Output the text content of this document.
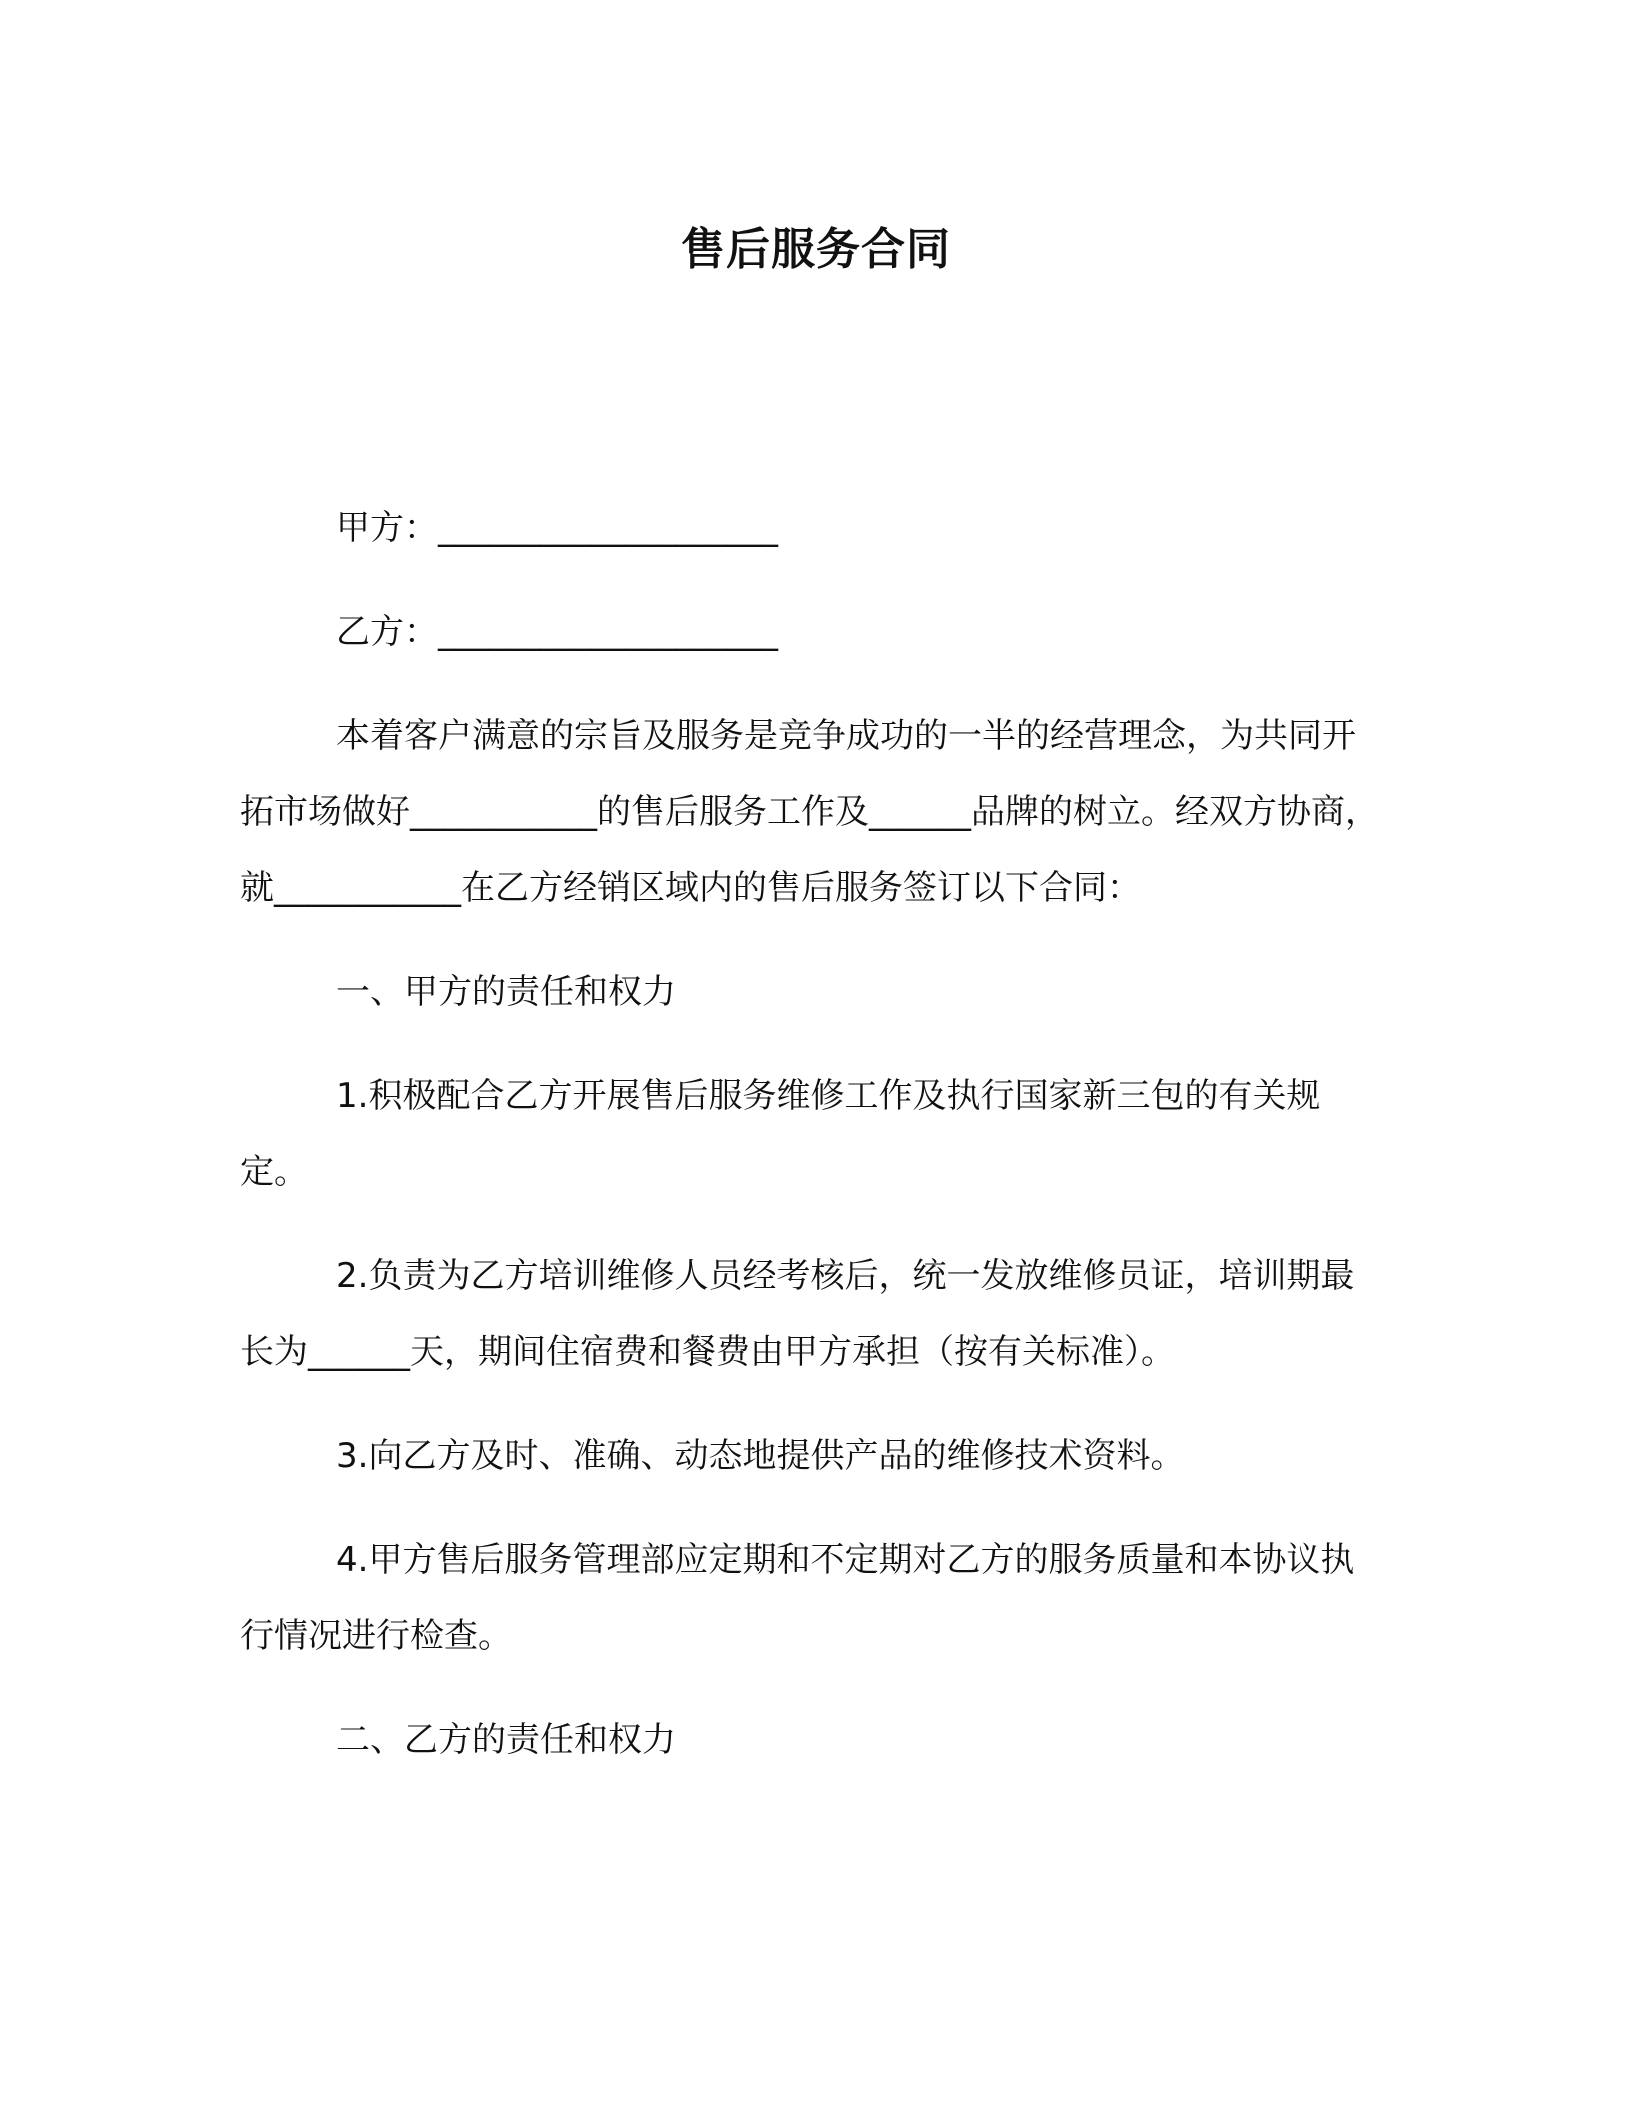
售后服务合同

甲方：____________________

乙方：____________________

本着客户满意的宗旨及服务是竞争成功的一半的经营理念，为共同开拓市场做好___________的售后服务工作及______品牌的树立。经双方协商，就___________在乙方经销区域内的售后服务签订以下合同：

一、甲方的责任和权力

1.积极配合乙方开展售后服务维修工作及执行国家新三包的有关规定。

2.负责为乙方培训维修人员经考核后，统一发放维修员证，培训期最长为______天，期间住宿费和餐费由甲方承担（按有关标准）。

3.向乙方及时、准确、动态地提供产品的维修技术资料。

4.甲方售后服务管理部应定期和不定期对乙方的服务质量和本协议执行情况进行检查。

二、乙方的责任和权力
